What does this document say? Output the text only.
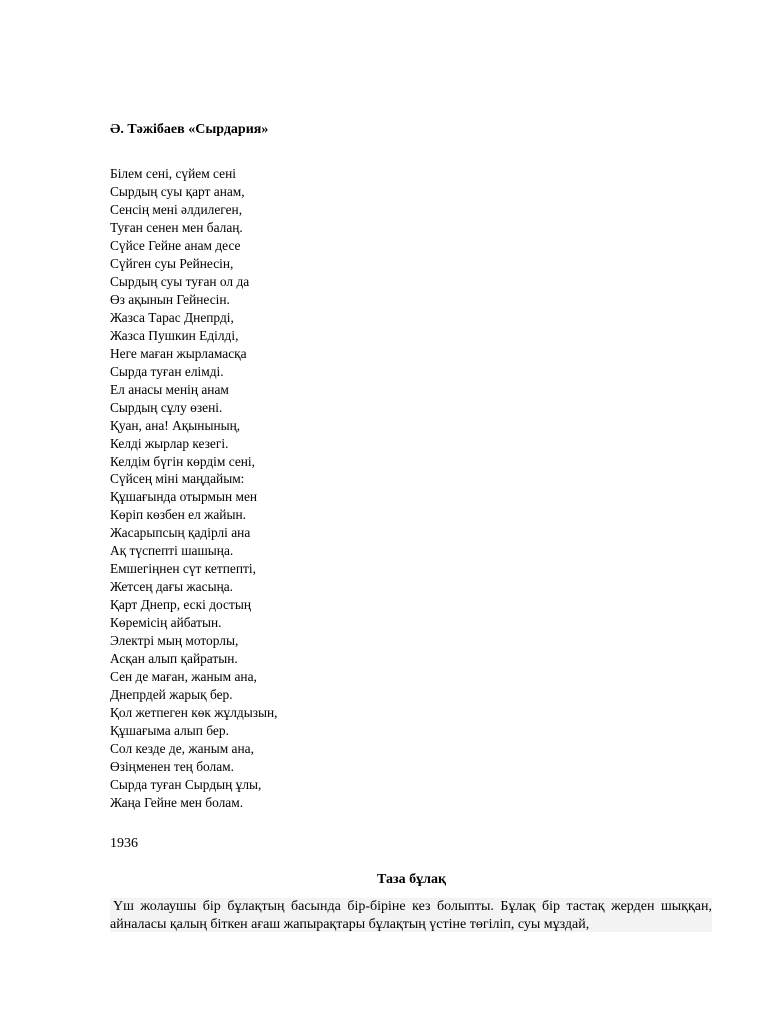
Ә. Тәжібаев «Сырдария»
Білем сені, сүйем сені
Сырдың суы қарт анам,
Сенсің мені әлдилеген,
Туған сенен мен балаң.
Сүйсе Гейне анам десе
Сүйген суы Рейнесін,
Сырдың суы туған ол да
Өз ақынын Гейнесін.
Жазса Тарас Днепрді,
Жазса Пушкин Еділді,
Неге маған жырламасқа
Сырда туған елімді.
Ел анасы менің анам
Сырдың сұлу өзені.
Қуан, ана! Ақынының,
Келді жырлар кезегі.
Келдім бүгін көрдім сені,
Сүйсең міні маңдайым:
Құшағында отырмын мен
Көріп көзбен ел жайын.
Жасарыпсың қадірлі ана
Ақ түспепті шашыңа.
Емшегіңнен сүт кетпепті,
Жетсең дағы жасыңа.
Қарт Днепр, ескі достың
Көремісің айбатын.
Электрі мың моторлы,
Асқан алып қайратын.
Сен де маған, жаным ана,
Днепрдей жарық бер.
Қол жетпеген көк жұлдызын,
Құшағыма алып бер.
Сол кезде де, жаным ана,
Өзіңменен тең болам.
Сырда туған Сырдың ұлы,
Жаңа Гейне мен болам.
1936
Таза бұлақ

Үш жолаушы бір бұлақтың басында бір-біріне кез болыпты. Бұлақ бір тастақ жерден шыққан, айналасы қалың біткен ағаш жапырақтары бұлақтың үстіне төгіліп, суы мұздай,
